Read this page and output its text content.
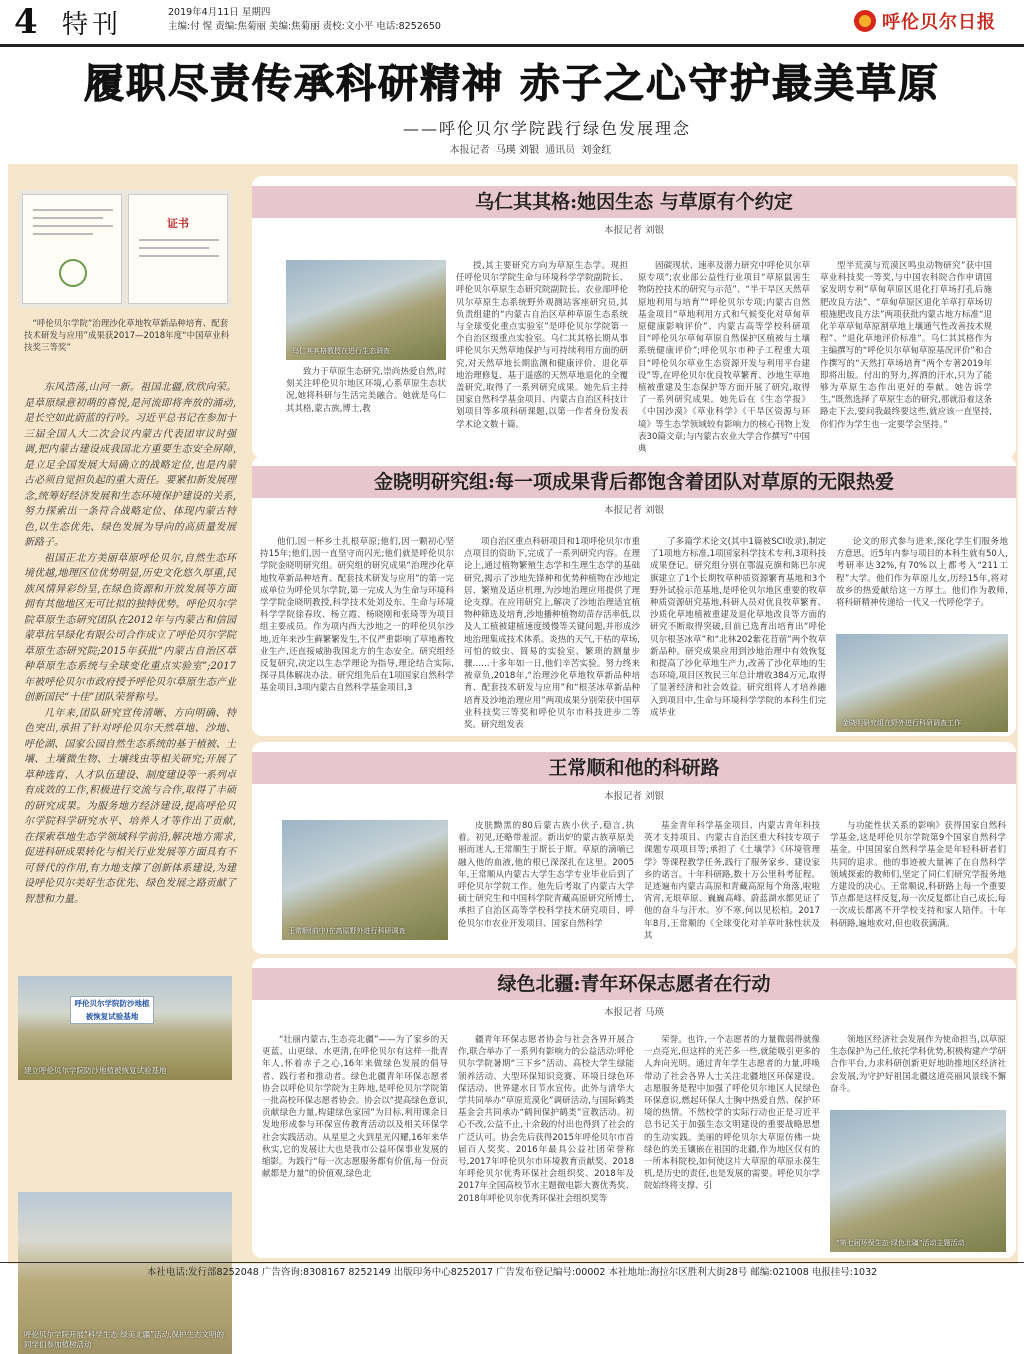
4 特刊	2019年4月11日 星期四
主编:付 惺 责编:焦菊丽 美编:焦菊丽 责校:文小平 电话:8252650	呼伦贝尔日报
履职尽责传承科研精神 赤子之心守护最美草原
——呼伦贝尔学院践行绿色发展理念
本报记者 马瑛 刘银 通讯员 刘金红
证书
“呼伦贝尔学院”治理沙化草地牧草新品种培育、配套技术研发与应用”成果获2017—2018年度“中国草业科技奖三等奖”

东风浩荡,山河一新。祖国北疆,欣欣向荣。是草原绿意初萌的喜悦,是河流即将奔放的涌动,是长空如此蔚蓝的行吟。习近平总书记在参加十三届全国人大二次会议内蒙古代表团审议时强调,把内蒙古建设成我国北方重要生态安全屏障,是立足全国发展大局确立的战略定位,也是内蒙古必须自觉担负起的重大责任。要紧扣新发展理念,统筹好经济发展和生态环境保护建设的关系,努力探索出一条符合战略定位、体现内蒙古特色,以生态优先、绿色发展为导向的高质量发展新路子。

祖国正北方美丽草原呼伦贝尔,自然生态环境优越,地理区位优势明显,历史文化悠久厚重,民族风情异彩纷呈,在绿色资源和开放发展等方面拥有其他地区无可比拟的独特优势。呼伦贝尔学院草原生态研究团队在2012年与内蒙古和信园蒙草抗旱绿化有限公司合作成立了呼伦贝尔学院草原生态研究院;2015年获批“内蒙古自治区草种草原生态系统与全球变化重点实验室”;2017年被呼伦贝尔市政府授予呼伦贝尔草原生态产业创新国民“十佳”团队荣誉称号。

几年来,团队研究宣传清晰、方向明确、特色突出,承担了针对呼伦贝尔天然草地、沙地、呼伦湖、国家公园自然生态系统的基于植被、土壤、土壤微生物、土壤线虫等相关研究;开展了草种选育、人才队伍建设、制度建设等一系列卓有成效的工作,积极进行交流与合作,取得了丰硕的研究成果。为服务地方经济建设,提高呼伦贝尔学院科学研究水平、培养人才等作出了贡献,在探索草地生态学领域科学前沿,解决地方需求,促进科研成果转化与相关行业发展等方面具有不可替代的作用,有力地支撑了创新体系建设,为建设呼伦贝尔美好生态优先、绿色发展之路贡献了智慧和力量。

呼伦贝尔学院防沙地植被恢复试验基地
建立呼伦贝尔学院防沙地植被恢复试验基地
呼伦贝尔学院开展“科学生态·绿美北疆”活动,保护生态文明的同学们参加植树活动
乌仁其其格:她因生态 与草原有个约定
本报记者 刘银
乌仁其其格教授在进行生态调查

致力于草原生态研究,崇尚热爱自然,时刻关注呼伦贝尔地区环境,心系草原生态状况,她将科研与生活完美融合。她就是乌仁其其格,蒙古族,博士,教

授,其主要研究方向为草原生态学。现担任呼伦贝尔学院生命与环境科学学院副院长、呼伦贝尔草原生态研究院副院长、农业部呼伦贝尔草原生态系统野外观测站客座研究员,其负责组建的“内蒙古自治区草种草原生态系统与全球变化重点实验室”是呼伦贝尔学院第一个自治区级重点实验室。乌仁其其格长期从事呼伦贝尔天然草地保护与可持续利用方面的研究,对天然草地长期监测和健康评价、退化草地治理修复、基于遥感的天然草地退化的全覆盖研究,取得了一系列研究成果。她先后主持国家自然科学基金项目、内蒙古自治区科技计划项目等多项科研课题,以第一作者身份发表学术论文数十篇。

固碳现状、速率及潜力研究中呼伦贝尔草原专项”;农业部公益性行业项目“草原鼠害生物防控技术的研究与示范”、“半干旱区天然草原地利用与培育”“呼伦贝尔专项;内蒙古自然基金项目“草地利用方式和气候变化对草甸草原健康影响评价”、内蒙古高等学校科研项目“呼伦贝尔草甸草原自然保护区植被与土壤系统健康评价”;呼伦贝尔市种子工程重大项目“呼伦贝尔草业生态资源开发与利用平台建设”等,在呼伦贝尔优良牧草繁育、沙地生草地植被重建及生态保护等方面开展了研究,取得了一系列研究成果。她先后在《生态学报》《中国沙漠》《草业科学》《干旱区资源与环境》等生态学领域较有影响力的核心刊物上发表30篇文章;与内蒙古农业大学合作撰写“中国典

型半荒漠与荒漠区鸣虫动物研究”获中国草业科技奖一等奖,与中国农科院合作申请国家发明专利“草甸草原区退化打草场打孔后施肥改良方法”、“草甸草原区退化羊草打草场切根施肥改良方法”两项获批内蒙古地方标准“退化羊草草甸草原割草地上壤通气性改善技术规程”、“退化草地评价标准”。乌仁其其格作为主编撰写的“呼伦贝尔草甸草原基况评价”和合作撰写的“天然打草场培育”两个专著2019年即将出版。付出的努力,挥洒的汗水,只为了能够为草原生态作出更好的奉献。她告诉学生,“既然选择了草原生态的研究,那就沿着这条路走下去,要问我最终要这些,就应该一直坚持,你们作为学生也一定要学会坚持。”

金晓明研究组:每一项成果背后都饱含着团队对草原的无限热爱
本报记者 刘银

他们,因一杯乡土扎根草原;他们,因一颗初心坚持15年;他们,因一直坚守而闪光;他们就是呼伦贝尔学院金晓明研究组。研究组的研究成果“治理沙化草地牧草新品种培育、配套技术研发与应用”的第一完成单位为呼伦贝尔学院,第一完成人为生命与环境科学学院金晓明教授,科学技术处刘及东、生命与环境科学学院徐春玫、杨立霞、杨晓刚和张琦等为项目组主要成员。作为项内西大沙地之一的呼伦贝尔沙地,近年来沙生藓繁繁发生,不仅严重影响了草地畜牧业生产,还直接威胁我国北方的生态安全。研究组经反复研究,决定以生态学理论为指导,理论结合实际,探寻具体解决办法。研究组先后在1项国家自然科学基金项目,3项内蒙古自然科学基金项目,3

项自治区重点科研项目和1项呼伦贝尔市重点项目的资助下,完成了一系列研究内容。在理论上,通过植物繁殖生态学和生理生态学的基础研究,揭示了沙地先锋种和优势种植物在沙地定居、繁殖及适应机理,为沙地治理应用提供了理论支撑。在应用研究上,解决了沙地治理适宜植物种筛选及培育,沙地播种植物幼苗存活率低,以及人工植被建植速度缓慢等关键问题,并形成沙地治理集成技术体系。炎热的天气,干枯的草场,可怕的蚊虫、简易的实验室、繁琐的测量步骤……十多年如一日,他们辛苦实验。努力终来被章负,2018年,“治理沙化草地牧草新品种培育、配套技术研发与应用”和“根茎冰草新品种培育及沙地治理应用”两项成果分别荣获中国草业科技奖三等奖和呼伦贝尔市科技进步二等奖。研究组发表

了多篇学术论文(其中1篇被SCI收录),制定了1项地方标准,1项国家科学技术专利,3项科技成果登记。研究组分别在鄂温克旗和陈巴尔虎旗建立了1个长期牧草种质资源繁育基地和3个野外试验示范基地,是呼伦贝尔地区重要的牧草种质资源研究基地,科研人员对优良牧草繁育、沙质化草地植被重建及退化草地改良等方面的研究不断取得突破,目前已选育出培育出“呼伦贝尔根茎冰草”和“北林202紫花苜蓿”两个牧草新品种。研究成果应用到沙地治理中有效恢复和提高了沙化草地生产力,改善了沙化草地的生态环境,项目区牧民三年总计增收384万元,取得了显著经济和社会效益。研究组将人才培养融入到项目中,生命与环境科学学院的本科生们完成毕业

论文的形式参与进来,深化学生们服务地方意思。近5年内参与项目的本科生就有50人,考研率达32%,有70%以上都考入“211工程”大学。他们作为草原儿女,历经15年,将对故乡的热爱献给这一方厚土。他们作为教师,将科研精神传递给一代又一代呼伦学子。

金晓明研究组在野外进行科研调查工作
王常顺和他的科研路
本报记者 刘银
王常顺(前中)在高原野外进行科研调查

皮肤黝黑的80后蒙古族小伙子,稳言,执着。初见,还略带羞涩。新出炉的蒙古族草原美丽而迷人,王常顺生于斯长于斯。草原的滴嘀已融入他的血液,他的根已深深扎在这里。2005年,王常顺从内蒙古大学生态学专业毕业后到了呼伦贝尔学院工作。他先后考取了内蒙古大学硕士研究生和中国科学院青藏高原研究所博士,承担了自治区高等学校科学技术研究项目、呼伦贝尔市农业开发项目、国家自然科学

基金青年科学基金项目、内蒙古青年科技英才支持项目、内蒙古自治区重大科技专项子课题专项项目等;承担了《土壤学》《环境管理学》等课程教学任务,践行了服务家乡、建设家乡的诺言。十年科研路,数十万公里科考征程。足迹遍布内蒙古高原和青藏高原每个角落,啦啦宵宵,无垠草原、巍巍高峰、蔚蓝湖水都见证了他的奋斗与汗水。岁不寒,何以见松柏。2017年8月,王常顺的《全球变化对羊草叶脉性状及其

与功能性状关系的影响》获得国家自然科学基金,这是呼伦贝尔学院第9个国家自然科学基金。中国国家自然科学基金是年轻科研者们共同的追求。他的事迹被大量裤了在自然科学领域探索的教师们,坚定了同仁们研究学报务地方建设的决心。王常顺说,科研路上每一个重要节点都是这样反复,每一次反复都让自己成长,每一次成长都离不开学校支持和家人陪伴。十年科研路,遍地欢对,但也收获满满。

绿色北疆:青年环保志愿者在行动
本报记者 马瑛

“壮丽内蒙古,生态亮北疆”——为了家乡的天更蓝、山更绿、水更清,在呼伦贝尔有这样一批青年人,怀着赤子之心,16年来做绿色发展的倡导者、践行者和推动者。绿色北疆青年环保志愿者协会以呼伦贝尔学院为主阵地,是呼伦贝尔学院第一批高校环保志愿者协会。协会以“提高绿色意识,贡献绿色力量,构建绿色家园”为目标,利用课余日发地形成参与环保宣传教育活动以及相关环保学社会实践活动。从星星之火到星光闪耀,16年来华秋实,它的发展让大也是我市公益环保事业发展的缩影。为践行“每一次志愿服务都有价值,每一份贡献都是力量”的价值观,绿色北

疆青年环保志愿者协会与社会各界开展合作,联合举办了一系列有影响力的公益活动:呼伦贝尔学院暑期“三下乡”活动、高校大学生绿能领养活动、大型环保知识竞赛、环境日绿色环保活动、世界建水日节水宣传。此外与清华大学共同举办“草原荒漠化”调研活动,与国际鹤类基金会共同承办“鹤间保护鹤类”宣教活动。初心不改,公益不止,十余载的付出也得到了社会的广泛认可。协会先后获得2015年呼伦贝尔市首届百人奖奖、2016年最具公益社团荣誉称号,2017年呼伦贝尔市环境教育贡献奖、2018年呼伦贝尔优秀环保社会组织奖、2018年及2017年全国高校节水主题微电影大赛优秀奖、2018年呼伦贝尔优秀环保社会组织奖等

荣誉。也许,一个志愿者的力量微弱得就像一点亮光,但这样的光芒多一些,就能吸引更多的人奔向光明。通过青年学生志愿者的力量,呼唤带动了社会各界人士关注北疆地区环保建设。志愿服务是程中加强了呼伦贝尔地区人民绿色环保意识,燃起环保人士胸中热爱自然、保护环境的热情。不然校学的实际行动也正是习近平总书记关于加强生态文明建设的重要战略思想的生动实践。美丽的呼伦贝尔大草原仿佛一块绿色的美玉镶嵌在祖国的北疆,作为地区仅有的一所本科院校,如何使这片大草原的草原永葆生机,是历史的责任,也是发展的需要。呼伦贝尔学院始终将支撑、引

领地区经济社会发展作为使命担当,以草原生态保护为己任,依托学科优势,积极构建产学研合作平台,力求科研创新更好地助推地区经济社会发展,为守护好祖国北疆这道亮丽风景线不懈奋斗。

“第七届环保生态·绿色北疆”活动主题活动
本社电话:发行部8252048 广告咨询:8308167 8252149 出版印务中心8252017 广告发布登记编号:00002 本社地址:海拉尔区胜利大街28号 邮编:021008 电报挂号:1032
